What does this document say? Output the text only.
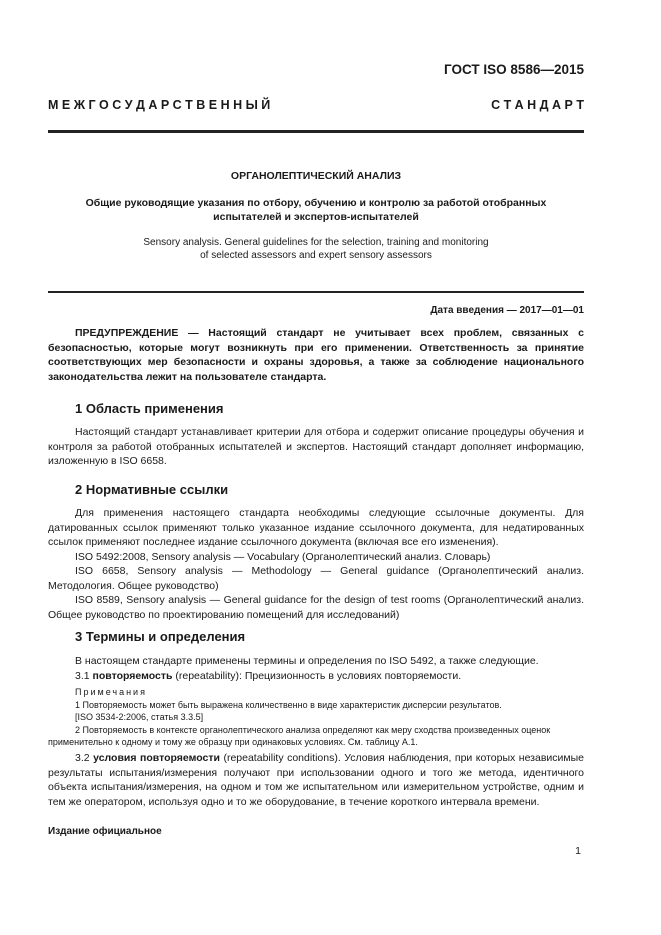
ГОСТ ISO 8586—2015
М Е Ж Г О С У Д А Р С Т В Е Н Н Ы Й	С Т А Н Д А Р Т
ОРГАНОЛЕПТИЧЕСКИЙ АНАЛИЗ
Общие руководящие указания по отбору, обучению и контролю за работой отобранных
испытателей и экспертов-испытателей
Sensory analysis. General guidelines for the selection, training and monitoring
of selected assessors and expert sensory assessors
Дата введения — 2017—01—01

ПРЕДУПРЕЖДЕНИЕ — Настоящий стандарт не учитывает всех проблем, связанных с безопасностью, которые могут возникнуть при его применении. Ответственность за принятие соответствующих мер безопасности и охраны здоровья, а также за соблюдение национального законодательства лежит на пользователе стандарта.

1 Область применения

Настоящий стандарт устанавливает критерии для отбора и содержит описание процедуры обучения и контроля за работой отобранных испытателей и экспертов. Настоящий стандарт дополняет информацию, изложенную в ISO 6658.

2 Нормативные ссылки

Для применения настоящего стандарта необходимы следующие ссылочные документы. Для датированных ссылок применяют только указанное издание ссылочного документа, для недатированных ссылок применяют последнее издание ссылочного документа (включая все его изменения).

ISO 5492:2008, Sensory analysis — Vocabulary (Органолептический анализ. Словарь)

ISO 6658, Sensory analysis — Methodology — General guidance (Органолептический анализ. Методология. Общее руководство)

ISO 8589, Sensory analysis — General guidance for the design of test rooms (Органолептический анализ. Общее руководство по проектированию помещений для исследований)

3 Термины и определения

В настоящем стандарте применены термины и определения по ISO 5492, а также следующие.

3.1 повторяемость (repeatability): Прецизионность в условиях повторяемости.

Примечания

1 Повторяемость может быть выражена количественно в виде характеристик дисперсии результатов.

[ISO 3534-2:2006, статья 3.3.5]

2 Повторяемость в контексте органолептического анализа определяют как меру сходства произведенных оценок применительно к одному и тому же образцу при одинаковых условиях. См. таблицу А.1.

3.2 условия повторяемости (repeatability conditions). Условия наблюдения, при которых независимые результаты испытания/измерения получают при использовании одного и того же метода, идентичного объекта испытания/измерения, на одном и том же испытательном или измерительном устройстве, одним и тем же оператором, используя одно и то же оборудование, в течение короткого интервала времени.

Издание официальное
1
